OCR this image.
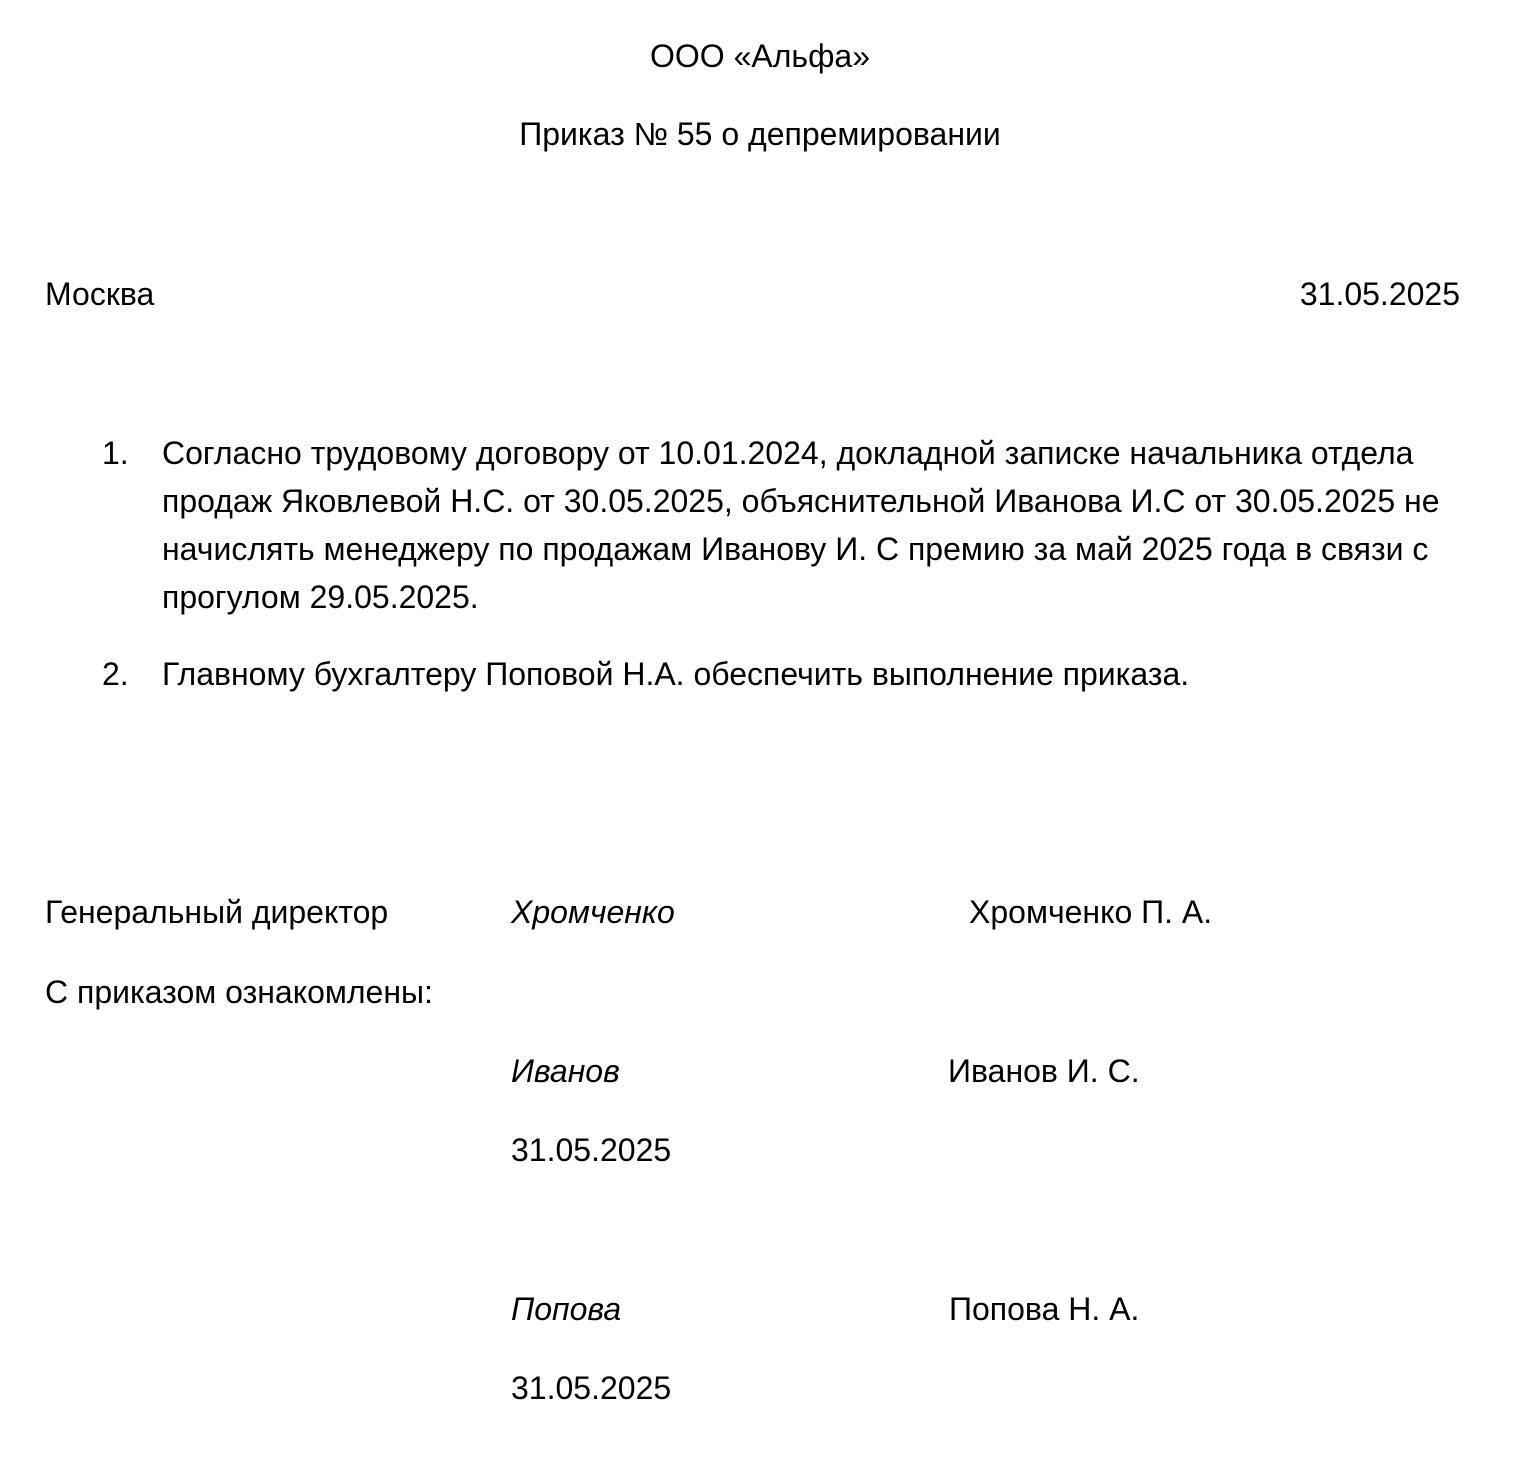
ООО «Альфа»
Приказ № 55 о депремировании
Москва	31.05.2025
1.	Согласно трудовому договору от 10.01.2024, докладной записке начальника отдела продаж Яковлевой Н.С. от 30.05.2025, объяснительной Иванова И.С от 30.05.2025 не начислять менеджеру по продажам Иванову И. С премию за май 2025 года в связи с прогулом 29.05.2025.
2.	Главному бухгалтеру Поповой Н.А. обеспечить выполнение приказа.
Генеральный директор	Хромченко	Хромченко П. А.
С приказом ознакомлены:
Иванов	Иванов И. С.
31.05.2025
Попова	Попова Н. А.
31.05.2025
